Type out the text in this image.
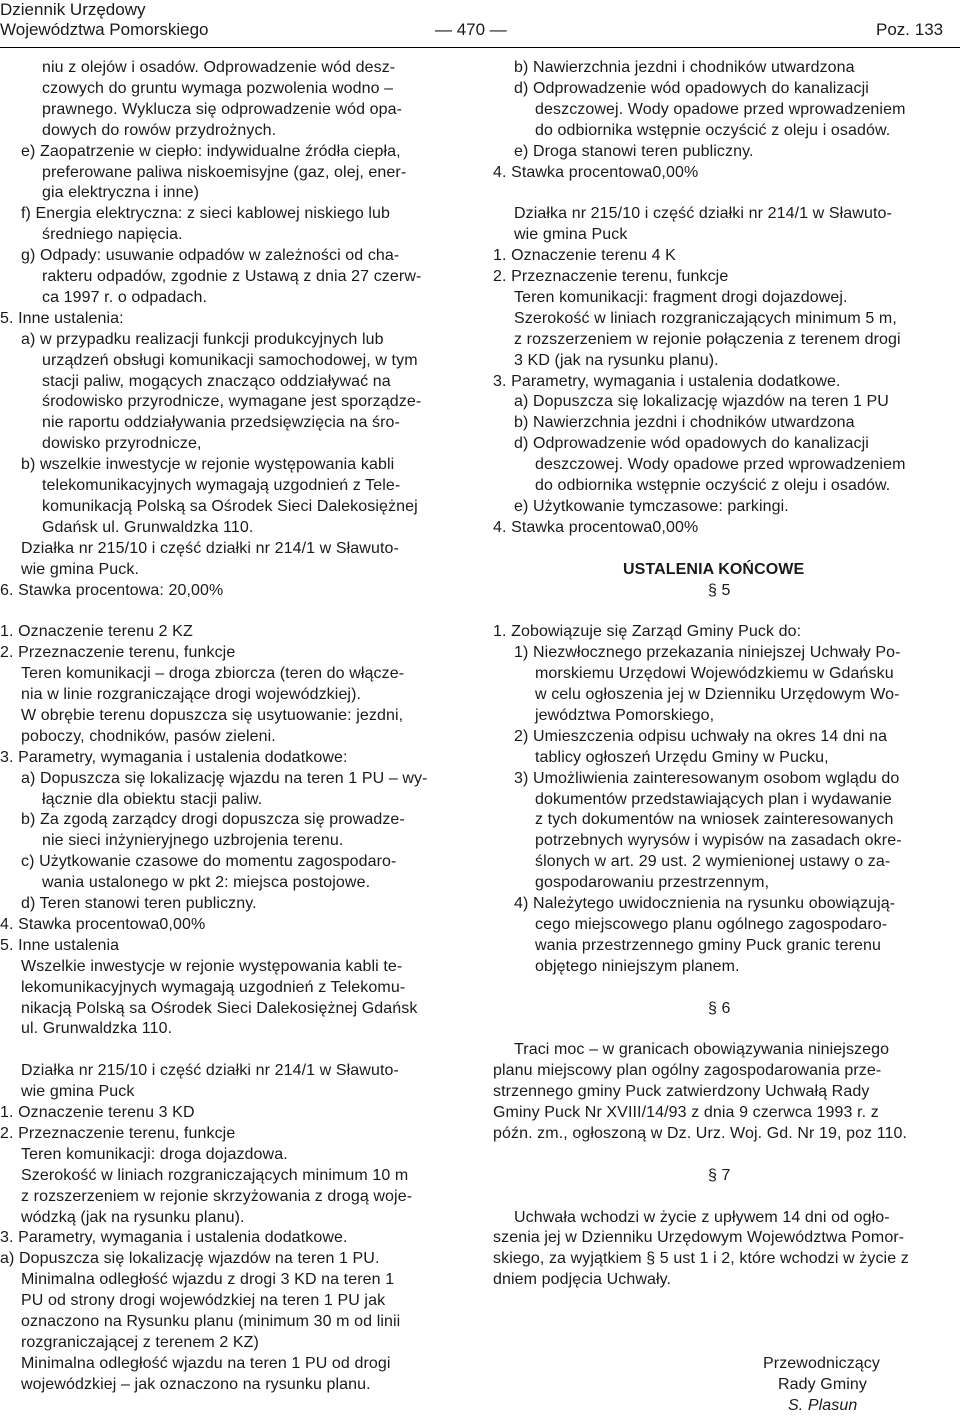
Dziennik Urzędowy
Województwa Pomorskiego	— 470 —	Poz. 133
niu z olejów i osadów. Odprowadzenie wód desz-
czowych do gruntu wymaga pozwolenia wodno –
prawnego. Wyklucza się odprowadzenie wód opa-
dowych do rowów przydrożnych.
e) Zaopatrzenie w ciepło: indywidualne źródła ciepła,
preferowane paliwa niskoemisyjne (gaz, olej, ener-
gia elektryczna i inne)
f) Energia elektryczna: z sieci kablowej niskiego lub
średniego napięcia.
g) Odpady: usuwanie odpadów w zależności od cha-
rakteru odpadów, zgodnie z Ustawą z dnia 27 czerw-
ca 1997 r. o odpadach.
5. Inne ustalenia:
a) w przypadku realizacji funkcji produkcyjnych lub
urządzeń obsługi komunikacji samochodowej, w tym
stacji paliw, mogących znacząco oddziaływać na
środowisko przyrodnicze, wymagane jest sporządze-
nie raportu oddziaływania przedsięwzięcia na śro-
dowisko przyrodnicze,
b) wszelkie inwestycje w rejonie występowania kabli
telekomunikacyjnych wymagają uzgodnień z Tele-
komunikacją Polską sa Ośrodek Sieci Dalekosiężnej
Gdańsk ul. Grunwaldzka 110.
Działka nr 215/10 i część działki nr 214/1 w Sławuto-
wie gmina Puck.
6. Stawka procentowa: 20,00%
1. Oznaczenie terenu 2 KZ
2. Przeznaczenie terenu, funkcje
Teren komunikacji – droga zbiorcza (teren do włącze-
nia w linie rozgraniczające drogi wojewódzkiej).
W obrębie terenu dopuszcza się usytuowanie: jezdni,
poboczy, chodników, pasów zieleni.
3. Parametry, wymagania i ustalenia dodatkowe:
a) Dopuszcza się lokalizację wjazdu na teren 1 PU – wy-
łącznie dla obiektu stacji paliw.
b) Za zgodą zarządcy drogi dopuszcza się prowadze-
nie sieci inżynieryjnego uzbrojenia terenu.
c) Użytkowanie czasowe do momentu zagospodaro-
wania ustalonego w pkt 2: miejsca postojowe.
d) Teren stanowi teren publiczny.
4. Stawka procentowa0,00%
5. Inne ustalenia
Wszelkie inwestycje w rejonie występowania kabli te-
lekomunikacyjnych wymagają uzgodnień z Telekomu-
nikacją Polską sa Ośrodek Sieci Dalekosiężnej Gdańsk
ul. Grunwaldzka 110.
Działka nr 215/10 i część działki nr 214/1 w Sławuto-
wie gmina Puck
1. Oznaczenie terenu 3 KD
2. Przeznaczenie terenu, funkcje
Teren komunikacji: droga dojazdowa.
Szerokość w liniach rozgraniczających minimum 10 m
z rozszerzeniem w rejonie skrzyżowania z drogą woje-
wódzką (jak na rysunku planu).
3. Parametry, wymagania i ustalenia dodatkowe.
a) Dopuszcza się lokalizację wjazdów na teren 1 PU.
Minimalna odległość wjazdu z drogi 3 KD na teren 1
PU od strony drogi wojewódzkiej na teren 1 PU jak
oznaczono na Rysunku planu (minimum 30 m od linii
rozgraniczającej z terenem 2 KZ)
Minimalna odległość wjazdu na teren 1 PU od drogi
wojewódzkiej – jak oznaczono na rysunku planu.
b) Nawierzchnia jezdni i chodników utwardzona
d) Odprowadzenie wód opadowych do kanalizacji
deszczowej. Wody opadowe przed wprowadzeniem
do odbiornika wstępnie oczyścić z oleju i osadów.
e) Droga stanowi teren publiczny.
4. Stawka procentowa0,00%
Działka nr 215/10 i część działki nr 214/1 w Sławuto-
wie gmina Puck
1. Oznaczenie terenu 4 K
2. Przeznaczenie terenu, funkcje
Teren komunikacji: fragment drogi dojazdowej.
Szerokość w liniach rozgraniczających minimum 5 m,
z rozszerzeniem w rejonie połączenia z terenem drogi
3 KD (jak na rysunku planu).
3. Parametry, wymagania i ustalenia dodatkowe.
a) Dopuszcza się lokalizację wjazdów na teren 1 PU
b) Nawierzchnia jezdni i chodników utwardzona
d) Odprowadzenie wód opadowych do kanalizacji
deszczowej. Wody opadowe przed wprowadzeniem
do odbiornika wstępnie oczyścić z oleju i osadów.
e) Użytkowanie tymczasowe: parkingi.
4. Stawka procentowa0,00%
USTALENIA KOŃCOWE
§ 5
1. Zobowiązuje się Zarząd Gminy Puck do:
1) Niezwłocznego przekazania niniejszej Uchwały Po-
morskiemu Urzędowi Wojewódzkiemu w Gdańsku
w celu ogłoszenia jej w Dzienniku Urzędowym Wo-
jewództwa Pomorskiego,
2) Umieszczenia odpisu uchwały na okres 14 dni na
tablicy ogłoszeń Urzędu Gminy w Pucku,
3) Umożliwienia zainteresowanym osobom wglądu do
dokumentów przedstawiających plan i wydawanie
z tych dokumentów na wniosek zainteresowanych
potrzebnych wyrysów i wypisów na zasadach okre-
ślonych w art. 29 ust. 2 wymienionej ustawy o za-
gospodarowaniu przestrzennym,
4) Należytego uwidocznienia na rysunku obowiązują-
cego miejscowego planu ogólnego zagospodaro-
wania przestrzennego gminy Puck granic terenu
objętego niniejszym planem.
§ 6
Traci moc – w granicach obowiązywania niniejszego
planu miejscowy plan ogólny zagospodarowania prze-
strzennego gminy Puck zatwierdzony Uchwałą Rady
Gminy Puck Nr XVIII/14/93 z dnia 9 czerwca 1993 r. z
późn. zm., ogłoszoną w Dz. Urz. Woj. Gd. Nr 19, poz 110.
§ 7
Uchwała wchodzi w życie z upływem 14 dni od ogło-
szenia jej w Dzienniku Urzędowym Województwa Pomor-
skiego, za wyjątkiem § 5 ust 1 i 2, które wchodzi w życie z
dniem podjęcia Uchwały.
Przewodniczący
Rady Gminy
S. Plasun
